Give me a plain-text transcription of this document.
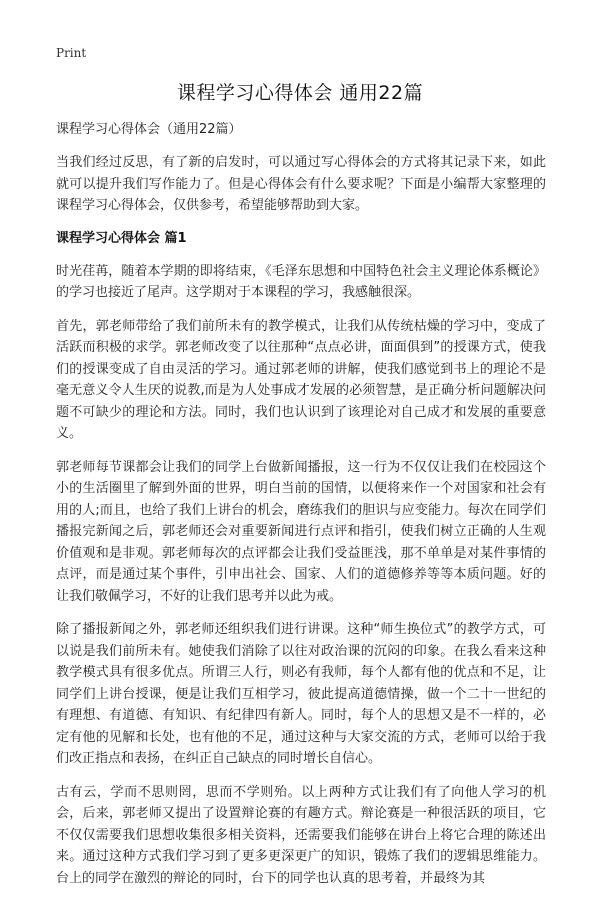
Print
课程学习心得体会 通用22篇
课程学习心得体会（通用22篇）

当我们经过反思，有了新的启发时，可以通过写心得体会的方式将其记录下来，如此就可以提升我们写作能力了。但是心得体会有什么要求呢？下面是小编帮大家整理的课程学习心得体会，仅供参考，希望能够帮助到大家。

课程学习心得体会 篇1

时光荏苒，随着本学期的即将结束，《毛泽东思想和中国特色社会主义理论体系概论》的学习也接近了尾声。这学期对于本课程的学习，我感触很深。

首先，郭老师带给了我们前所未有的教学模式，让我们从传统枯燥的学习中，变成了活跃而积极的求学。郭老师改变了以往那种“点点必讲，面面俱到”的授课方式，使我们的授课变成了自由灵活的学习。通过郭老师的讲解，使我们感觉到书上的理论不是毫无意义令人生厌的说教,而是为人处事成才发展的必须智慧，是正确分析问题解决问题不可缺少的理论和方法。同时，我们也认识到了该理论对自己成才和发展的重要意义。

郭老师每节课都会让我们的同学上台做新闻播报，这一行为不仅仅让我们在校园这个小的生活圈里了解到外面的世界，明白当前的国情，以便将来作一个对国家和社会有用的人;而且，也给了我们上讲台的机会，磨练我们的胆识与应变能力。每次在同学们播报完新闻之后，郭老师还会对重要新闻进行点评和指引，使我们树立正确的人生观价值观和是非观。郭老师每次的点评都会让我们受益匪浅，那不单单是对某件事情的点评，而是通过某个事件，引申出社会、国家、人们的道德修养等等本质问题。好的让我们敬佩学习，不好的让我们思考并以此为戒。

除了播报新闻之外，郭老师还组织我们进行讲课。这种“师生换位式”的教学方式，可以说是我们前所未有。她使我们消除了以往对政治课的沉闷的印象。在我么看来这种教学模式具有很多优点。所谓三人行，则必有我师，每个人都有他的优点和不足，让同学们上讲台授课，便是让我们互相学习，彼此提高道德情操，做一个二十一世纪的有理想、有道德、有知识、有纪律四有新人。同时，每个人的思想又是不一样的，必定有他的见解和长处，也有他的不足，通过这种与大家交流的方式，老师可以给于我们改正指点和表扬，在纠正自己缺点的同时增长自信心。

古有云，学而不思则罔，思而不学则殆。以上两种方式让我们有了向他人学习的机会，后来，郭老师又提出了设置辩论赛的有趣方式。辩论赛是一种很活跃的项目，它不仅仅需要我们思想收集很多相关资料，还需要我们能够在讲台上将它合理的陈述出来。通过这种方式我们学习到了更多更深更广的知识，锻炼了我们的逻辑思维能力。台上的同学在激烈的辩论的同时，台下的同学也认真的思考着，并最终为其
